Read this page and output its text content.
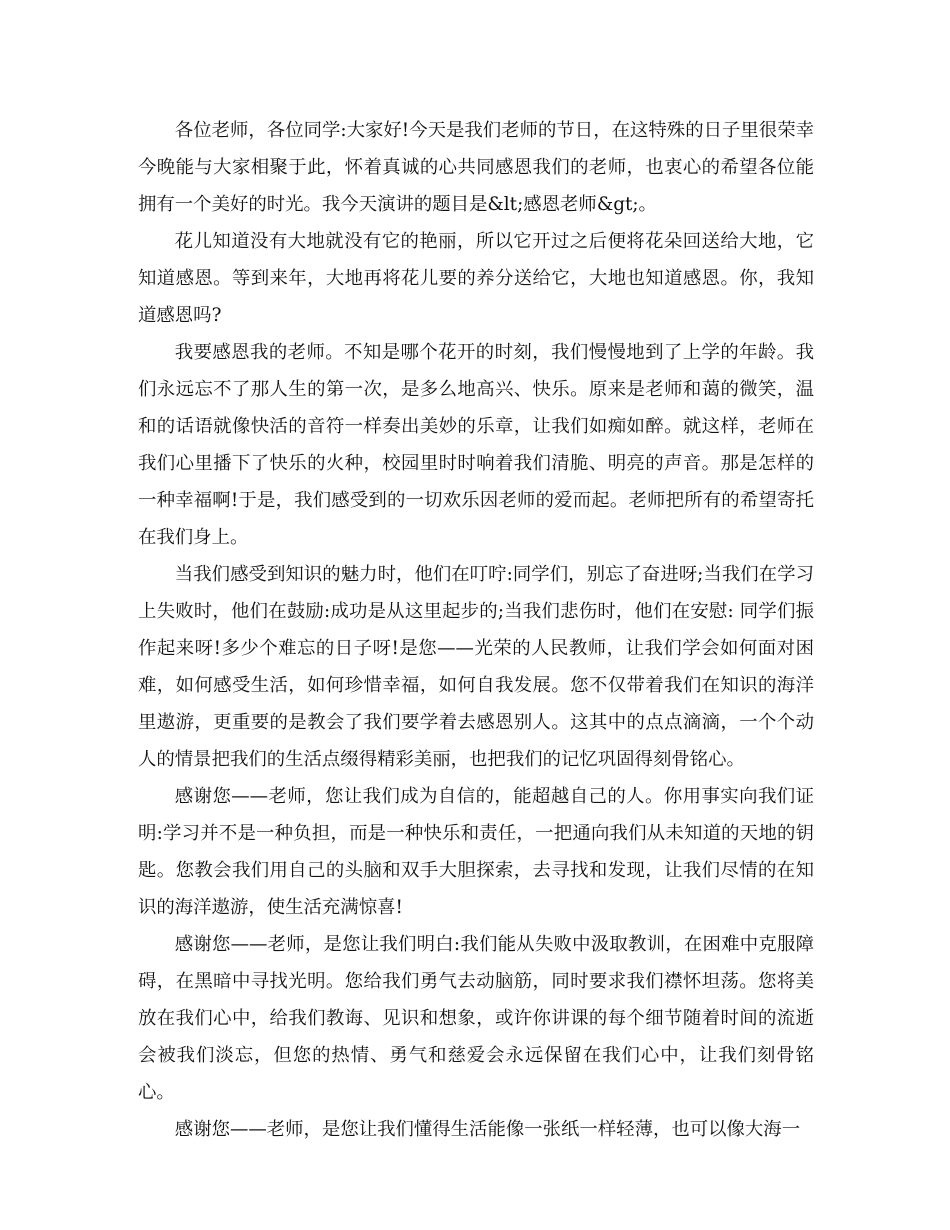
各位老师，各位同学:大家好!今天是我们老师的节日，在这特殊的日子里很荣幸今晚能与大家相聚于此，怀着真诚的心共同感恩我们的老师，也衷心的希望各位能拥有一个美好的时光。我今天演讲的题目是&lt;感恩老师&gt;。

花儿知道没有大地就没有它的艳丽，所以它开过之后便将花朵回送给大地，它知道感恩。等到来年，大地再将花儿要的养分送给它，大地也知道感恩。你，我知道感恩吗?

我要感恩我的老师。不知是哪个花开的时刻，我们慢慢地到了上学的年龄。我们永远忘不了那人生的第一次，是多么地高兴、快乐。原来是老师和蔼的微笑，温和的话语就像快活的音符一样奏出美妙的乐章，让我们如痴如醉。就这样，老师在我们心里播下了快乐的火种，校园里时时响着我们清脆、明亮的声音。那是怎样的一种幸福啊!于是，我们感受到的一切欢乐因老师的爱而起。老师把所有的希望寄托在我们身上。

当我们感受到知识的魅力时，他们在叮咛:同学们，别忘了奋进呀;当我们在学习上失败时，他们在鼓励:成功是从这里起步的;当我们悲伤时，他们在安慰: 同学们振作起来呀!多少个难忘的日子呀!是您——光荣的人民教师，让我们学会如何面对困难，如何感受生活，如何珍惜幸福，如何自我发展。您不仅带着我们在知识的海洋里遨游，更重要的是教会了我们要学着去感恩别人。这其中的点点滴滴，一个个动人的情景把我们的生活点缀得精彩美丽，也把我们的记忆巩固得刻骨铭心。

感谢您——老师，您让我们成为自信的，能超越自己的人。你用事实向我们证明:学习并不是一种负担，而是一种快乐和责任，一把通向我们从未知道的天地的钥匙。您教会我们用自己的头脑和双手大胆探索，去寻找和发现，让我们尽情的在知识的海洋遨游，使生活充满惊喜!

感谢您——老师，是您让我们明白:我们能从失败中汲取教训，在困难中克服障碍，在黑暗中寻找光明。您给我们勇气去动脑筋，同时要求我们襟怀坦荡。您将美放在我们心中，给我们教诲、见识和想象，或许你讲课的每个细节随着时间的流逝会被我们淡忘，但您的热情、勇气和慈爱会永远保留在我们心中，让我们刻骨铭心。

感谢您——老师，是您让我们懂得生活能像一张纸一样轻薄，也可以像大海一
